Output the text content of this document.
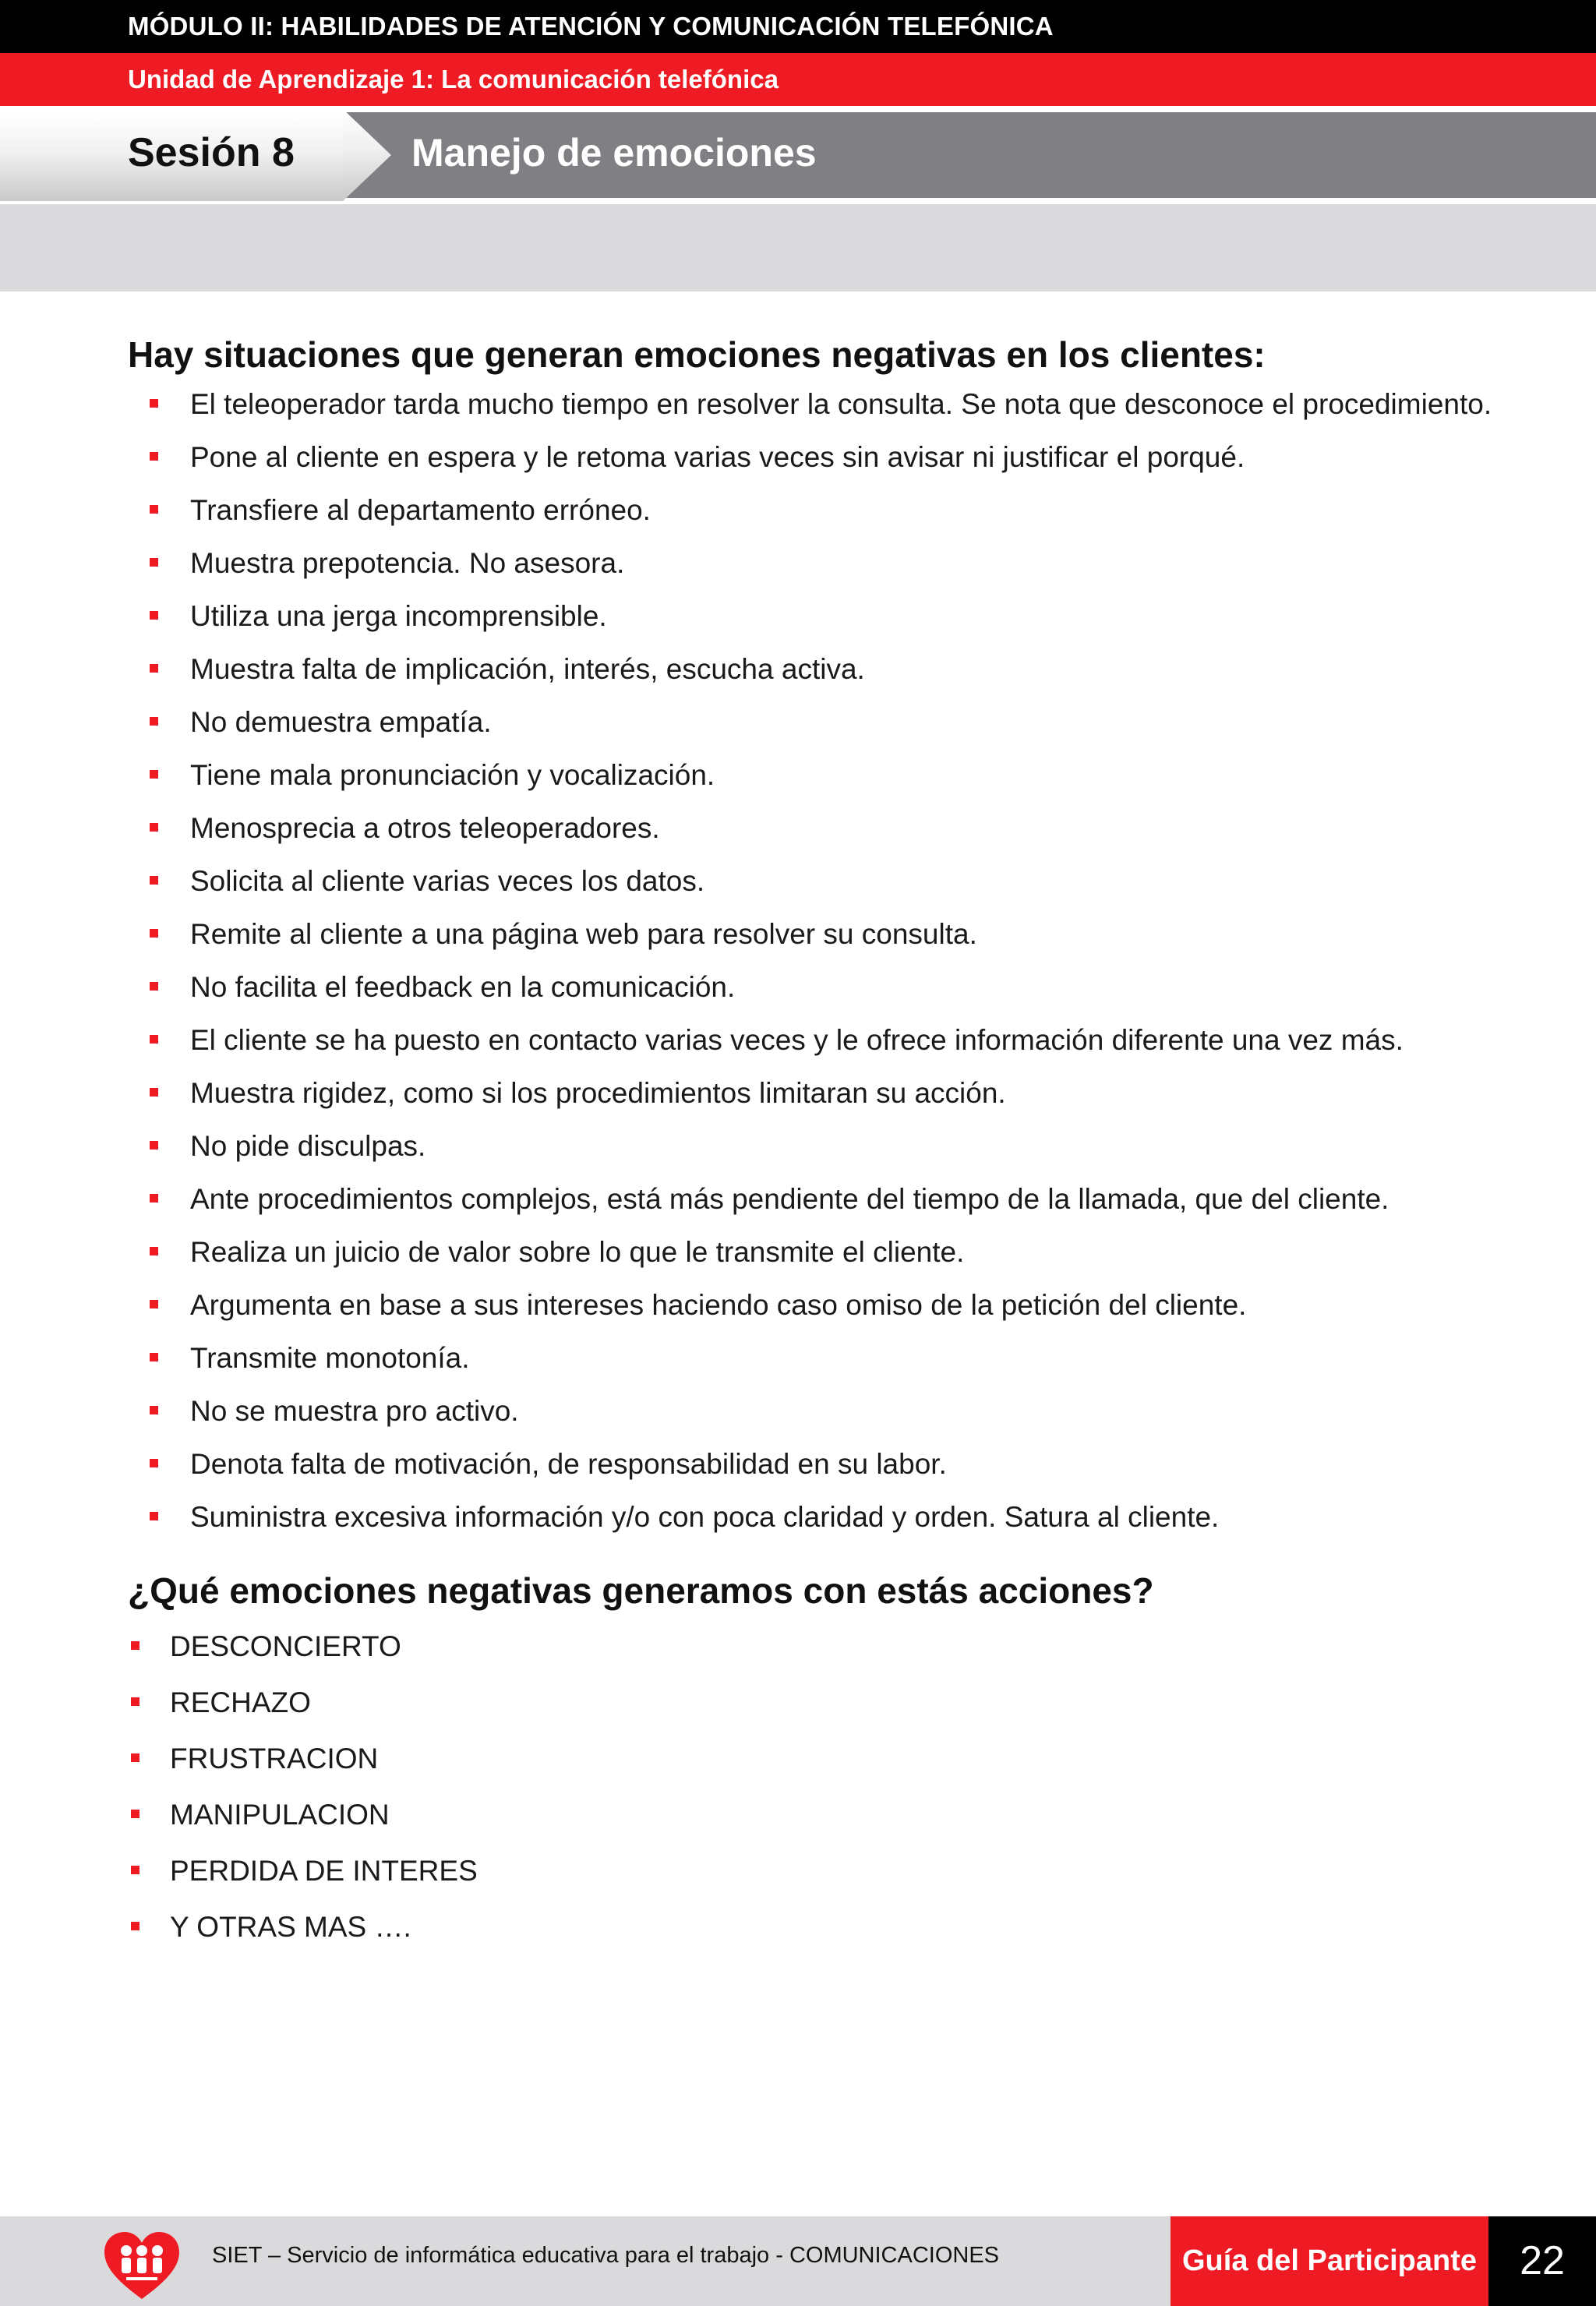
MÓDULO II: HABILIDADES DE ATENCIÓN Y COMUNICACIÓN TELEFÓNICA
Unidad de Aprendizaje 1: La comunicación telefónica
Sesión 8	Manejo de emociones
Hay situaciones que generan emociones negativas en los clientes:
El teleoperador tarda mucho tiempo en resolver la consulta. Se nota que desconoce el procedimiento.
Pone al cliente en espera y le retoma varias veces sin avisar ni justificar el porqué.
Transfiere al departamento erróneo.
Muestra prepotencia. No asesora.
Utiliza una jerga incomprensible.
Muestra falta de implicación, interés, escucha activa.
No demuestra empatía.
Tiene mala pronunciación y vocalización.
Menosprecia a otros teleoperadores.
Solicita al cliente varias veces los datos.
Remite al cliente a una página web para resolver su consulta.
No facilita el feedback en la comunicación.
El cliente se ha puesto en contacto varias veces y le ofrece información diferente una vez más.
Muestra rigidez, como si los procedimientos limitaran su acción.
No pide disculpas.
Ante procedimientos complejos, está más pendiente del tiempo de la llamada, que del cliente.
Realiza un juicio de valor sobre lo que le transmite el cliente.
Argumenta en base a sus intereses haciendo caso omiso de la petición del cliente.
Transmite monotonía.
No se muestra pro activo.
Denota falta de motivación, de responsabilidad en su labor.
Suministra excesiva información y/o con poca claridad y orden. Satura al cliente.
¿Qué emociones negativas generamos con estás acciones?
DESCONCIERTO
RECHAZO
FRUSTRACION
MANIPULACION
PERDIDA DE INTERES
Y OTRAS MAS ….
SIET – Servicio de informática educativa para el trabajo - COMUNICACIONES	Guía del Participante	22
